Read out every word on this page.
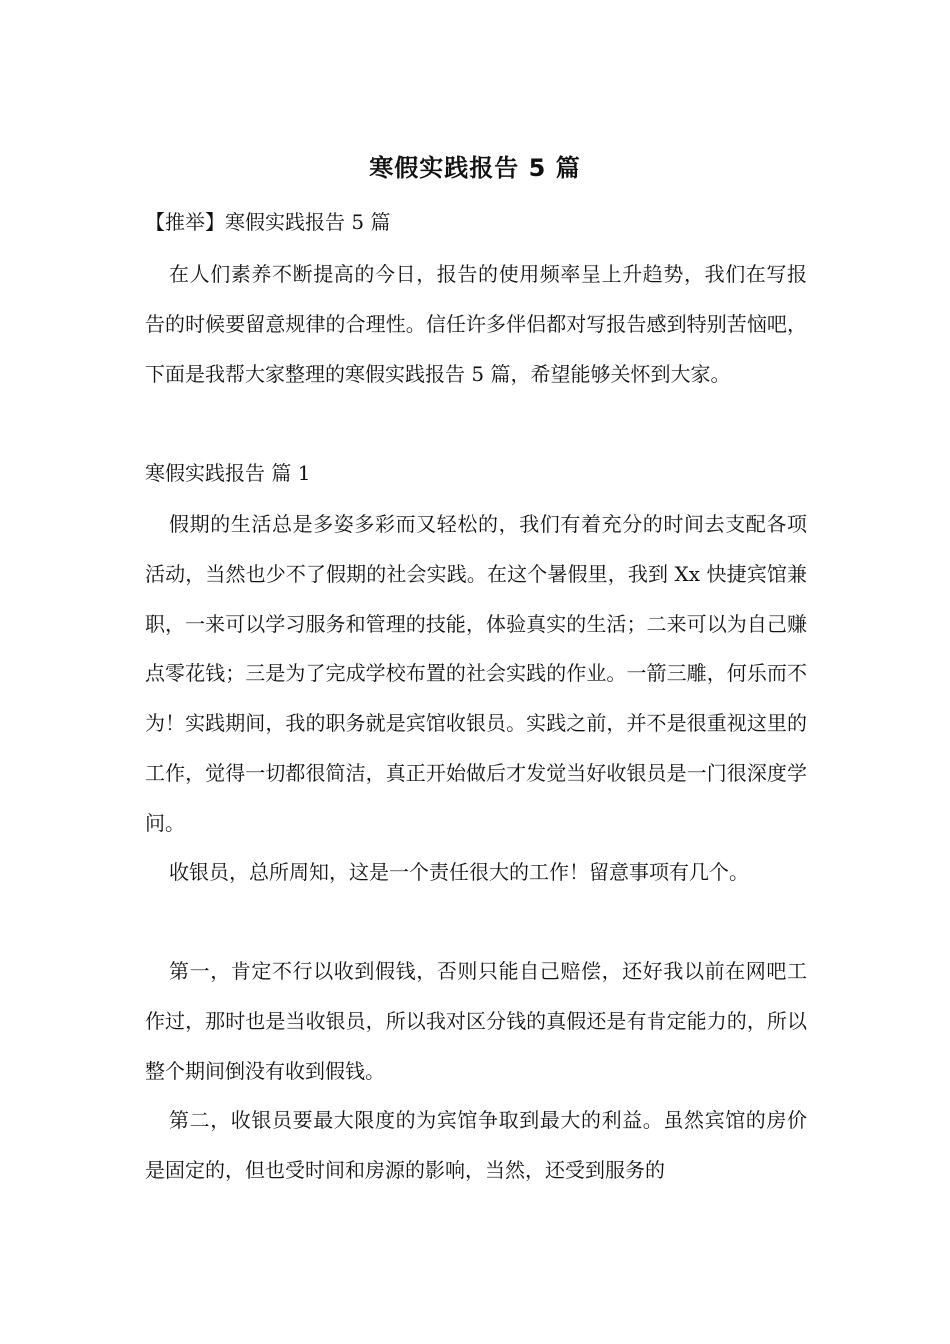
寒假实践报告 5 篇
【推举】寒假实践报告 5 篇
在人们素养不断提高的今日，报告的使用频率呈上升趋势，我们在写报告的时候要留意规律的合理性。信任许多伴侣都对写报告感到特别苦恼吧，下面是我帮大家整理的寒假实践报告 5 篇，希望能够关怀到大家。
寒假实践报告 篇 1
假期的生活总是多姿多彩而又轻松的，我们有着充分的时间去支配各项活动，当然也少不了假期的社会实践。在这个暑假里，我到 Xx 快捷宾馆兼职，一来可以学习服务和管理的技能，体验真实的生活；二来可以为自己赚点零花钱；三是为了完成学校布置的社会实践的作业。一箭三雕，何乐而不为！实践期间，我的职务就是宾馆收银员。实践之前，并不是很重视这里的工作，觉得一切都很简洁，真正开始做后才发觉当好收银员是一门很深度学问。
收银员，总所周知，这是一个责任很大的工作！留意事项有几个。
第一，肯定不行以收到假钱，否则只能自己赔偿，还好我以前在网吧工作过，那时也是当收银员，所以我对区分钱的真假还是有肯定能力的，所以整个期间倒没有收到假钱。
第二，收银员要最大限度的为宾馆争取到最大的利益。虽然宾馆的房价是固定的，但也受时间和房源的影响，当然，还受到服务的
